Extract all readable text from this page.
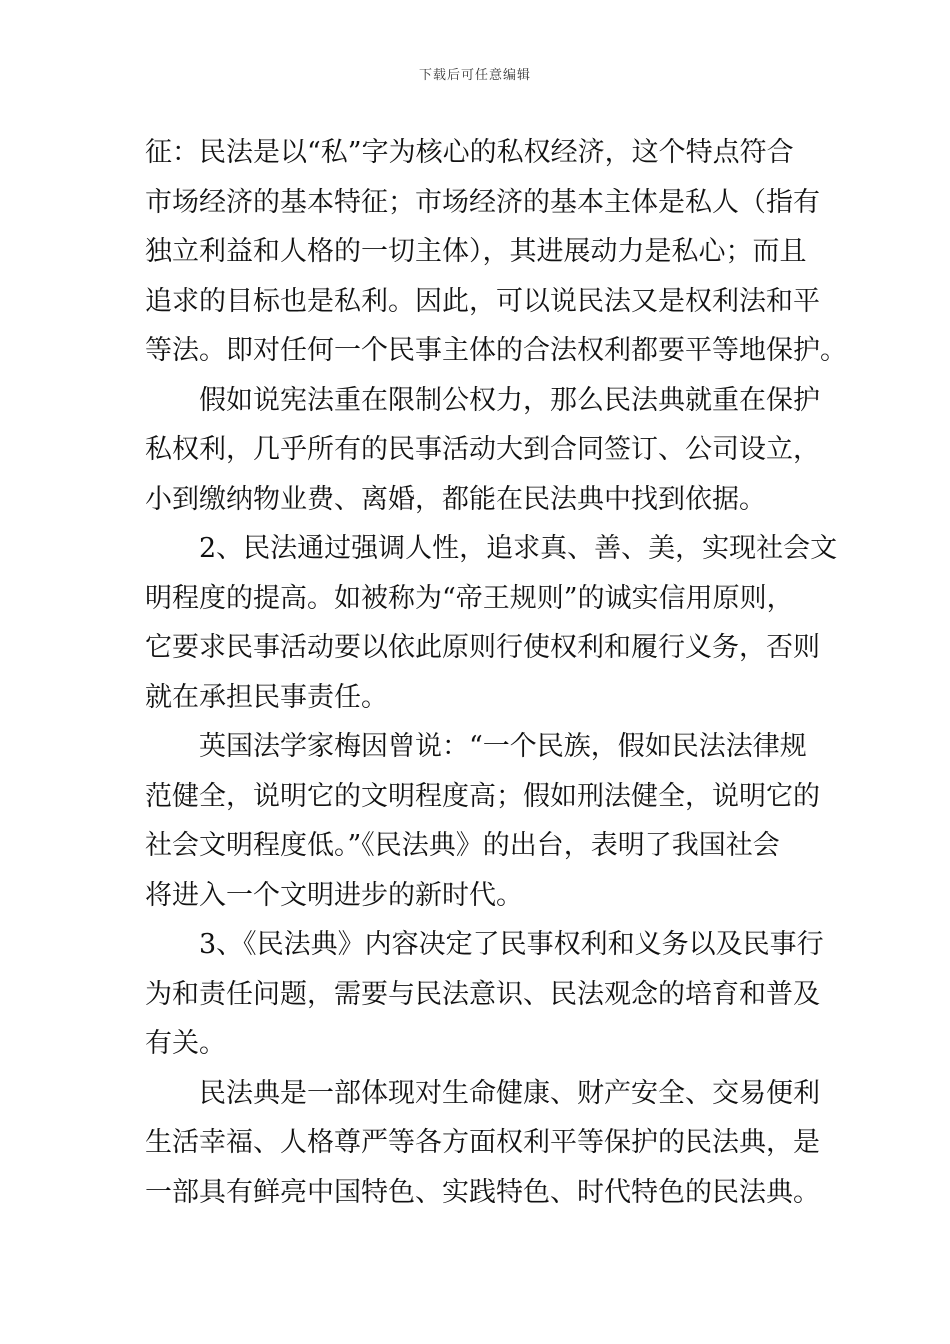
下载后可任意编辑
征：民法是以“私”字为核心的私权经济，这个特点符合
市场经济的基本特征；市场经济的基本主体是私人（指有
独立利益和人格的一切主体），其进展动力是私心；而且
追求的目标也是私利。因此，可以说民法又是权利法和平
等法。即对任何一个民事主体的合法权利都要平等地保护。
假如说宪法重在限制公权力，那么民法典就重在保护
私权利，几乎所有的民事活动大到合同签订、公司设立，
小到缴纳物业费、离婚，都能在民法典中找到依据。
2、民法通过强调人性，追求真、善、美，实现社会文
明程度的提高。如被称为“帝王规则”的诚实信用原则，
它要求民事活动要以依此原则行使权利和履行义务，否则
就在承担民事责任。
英国法学家梅因曾说：“一个民族，假如民法法律规
范健全，说明它的文明程度高；假如刑法健全，说明它的
社会文明程度低。”《民法典》的出台，表明了我国社会
将进入一个文明进步的新时代。
3、《民法典》内容决定了民事权利和义务以及民事行
为和责任问题，需要与民法意识、民法观念的培育和普及
有关。
民法典是一部体现对生命健康、财产安全、交易便利
生活幸福、人格尊严等各方面权利平等保护的民法典，是
一部具有鲜亮中国特色、实践特色、时代特色的民法典。
